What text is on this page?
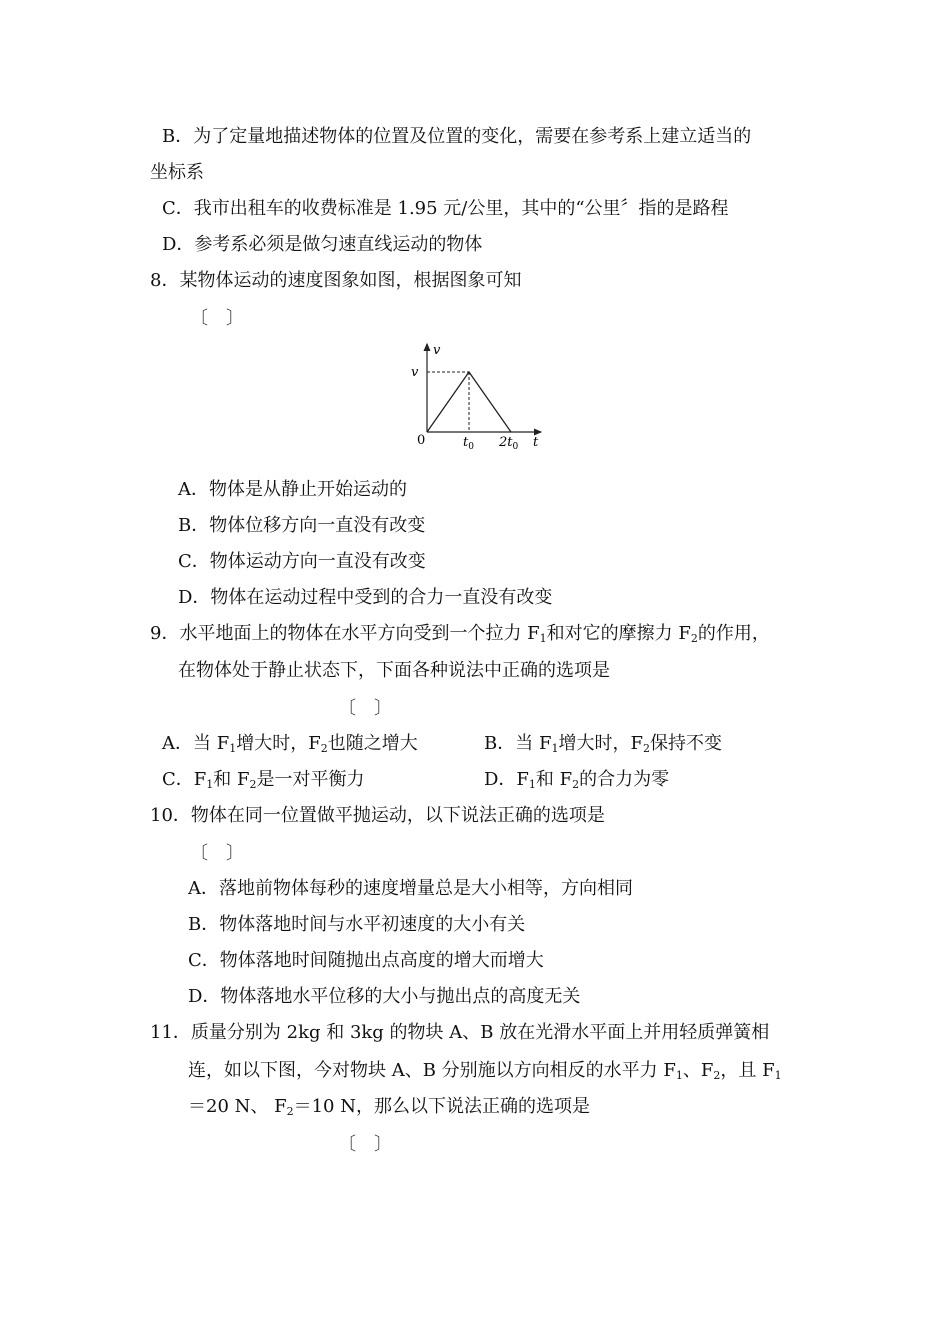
B．为了定量地描述物体的位置及位置的变化，需要在参考系上建立适当的
坐标系
C．我市出租车的收费标准是 1.95 元/公里，其中的“公里〞指的是路程
D．参考系必须是做匀速直线运动的物体
8．某物体运动的速度图象如图，根据图象可知
〔　〕
v
v
0	$t_0$ $2t_0$ t
A．物体是从静止开始运动的
B．物体位移方向一直没有改变
C．物体运动方向一直没有改变
D．物体在运动过程中受到的合力一直没有改变
9．水平地面上的物体在水平方向受到一个拉力 $F_1$和对它的摩擦力 $F_2$的作用，
在物体处于静止状态下，下面各种说法中正确的选项是
〔　〕
A．当 $F_1$增大时，$F_2$也随之增大	B．当 $F_1$增大时，$F_2$保持不变
C．$F_1$和 $F_2$是一对平衡力	D．$F_1$和 $F_2$的合力为零
10．物体在同一位置做平抛运动，以下说法正确的选项是
〔　〕
A．落地前物体每秒的速度增量总是大小相等，方向相同
B．物体落地时间与水平初速度的大小有关
C．物体落地时间随抛出点高度的增大而增大
D．物体落地水平位移的大小与抛出点的高度无关
11．质量分别为 2kg 和 3kg 的物块 A、B 放在光滑水平面上并用轻质弹簧相
连，如以下图，今对物块 A、B 分别施以方向相反的水平力 $F_1$、$F_2$，且 $F_1$
＝20 N、 $F_2=10$ N，那么以下说法正确的选项是
〔　〕
